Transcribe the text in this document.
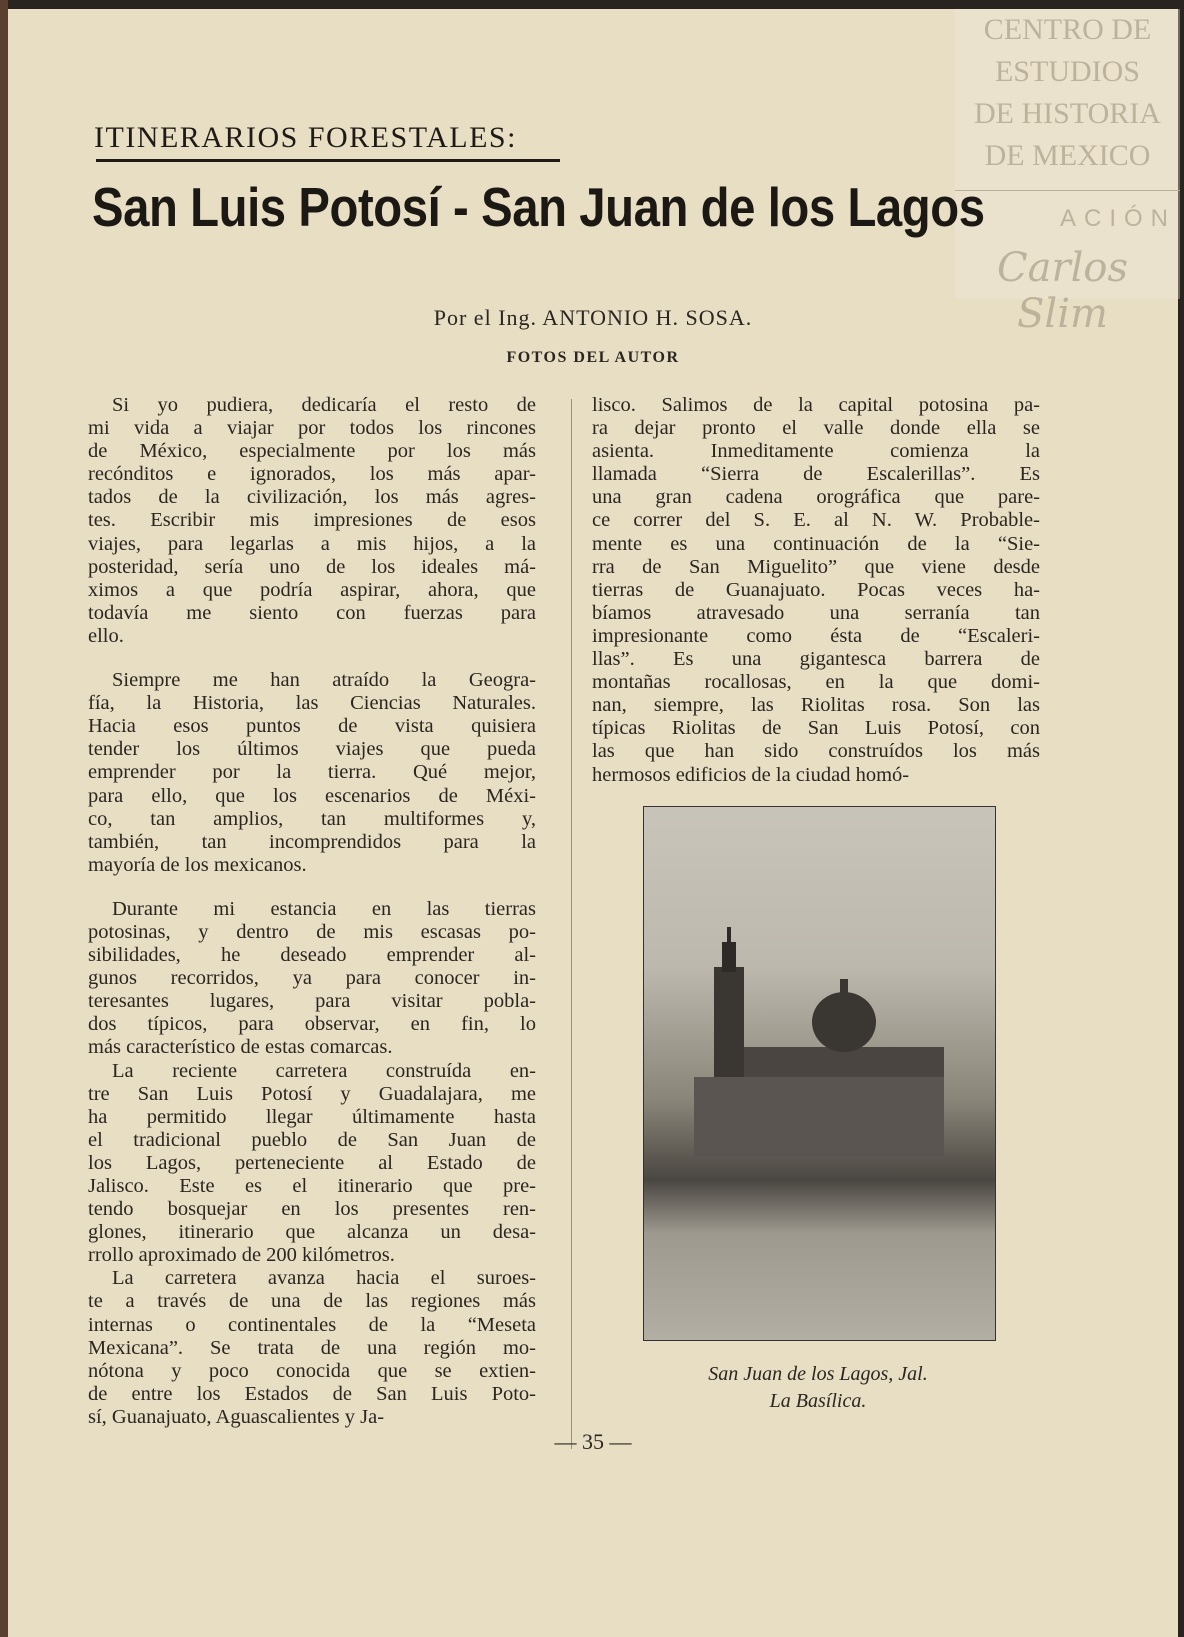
CENTRO DE
ESTUDIOS
DE HISTORIA
DE MEXICO
ACIÓN
Carlos Slim
ITINERARIOS FORESTALES:
San Luis Potosí - San Juan de los Lagos
Por el Ing. ANTONIO H. SOSA.
FOTOS DEL AUTOR
Si yo pudiera, dedicaría el resto de
mi vida a viajar por todos los rincones
de México, especialmente por los más
recónditos e ignorados, los más apar-
tados de la civilización, los más agres-
tes. Escribir mis impresiones de esos
viajes, para legarlas a mis hijos, a la
posteridad, sería uno de los ideales má-
ximos a que podría aspirar, ahora, que
todavía me siento con fuerzas para
ello.
Siempre me han atraído la Geogra-
fía, la Historia, las Ciencias Naturales.
Hacia esos puntos de vista quisiera
tender los últimos viajes que pueda
emprender por la tierra. Qué mejor,
para ello, que los escenarios de Méxi-
co, tan amplios, tan multiformes y,
también, tan incomprendidos para la
mayoría de los mexicanos.
Durante mi estancia en las tierras
potosinas, y dentro de mis escasas po-
sibilidades, he deseado emprender al-
gunos recorridos, ya para conocer in-
teresantes lugares, para visitar pobla-
dos típicos, para observar, en fin, lo
más característico de estas comarcas.
La reciente carretera construída en-
tre San Luis Potosí y Guadalajara, me
ha permitido llegar últimamente hasta
el tradicional pueblo de San Juan de
los Lagos, perteneciente al Estado de
Jalisco. Este es el itinerario que pre-
tendo bosquejar en los presentes ren-
glones, itinerario que alcanza un desa-
rrollo aproximado de 200 kilómetros.
La carretera avanza hacia el suroes-
te a través de una de las regiones más
internas o continentales de la “Meseta
Mexicana”. Se trata de una región mo-
nótona y poco conocida que se extien-
de entre los Estados de San Luis Poto-
sí, Guanajuato, Aguascalientes y Ja-
lisco. Salimos de la capital potosina pa-
ra dejar pronto el valle donde ella se
asienta. Inmeditamente comienza la
llamada “Sierra de Escalerillas”. Es
una gran cadena orográfica que pare-
ce correr del S. E. al N. W. Probable-
mente es una continuación de la “Sie-
rra de San Miguelito” que viene desde
tierras de Guanajuato. Pocas veces ha-
bíamos atravesado una serranía tan
impresionante como ésta de “Escaleri-
llas”. Es una gigantesca barrera de
montañas rocallosas, en la que domi-
nan, siempre, las Riolitas rosa. Son las
típicas Riolitas de San Luis Potosí, con
las que han sido construídos los más
hermosos edificios de la ciudad homó-
San Juan de los Lagos, Jal.
La Basílica.
— 35 —
